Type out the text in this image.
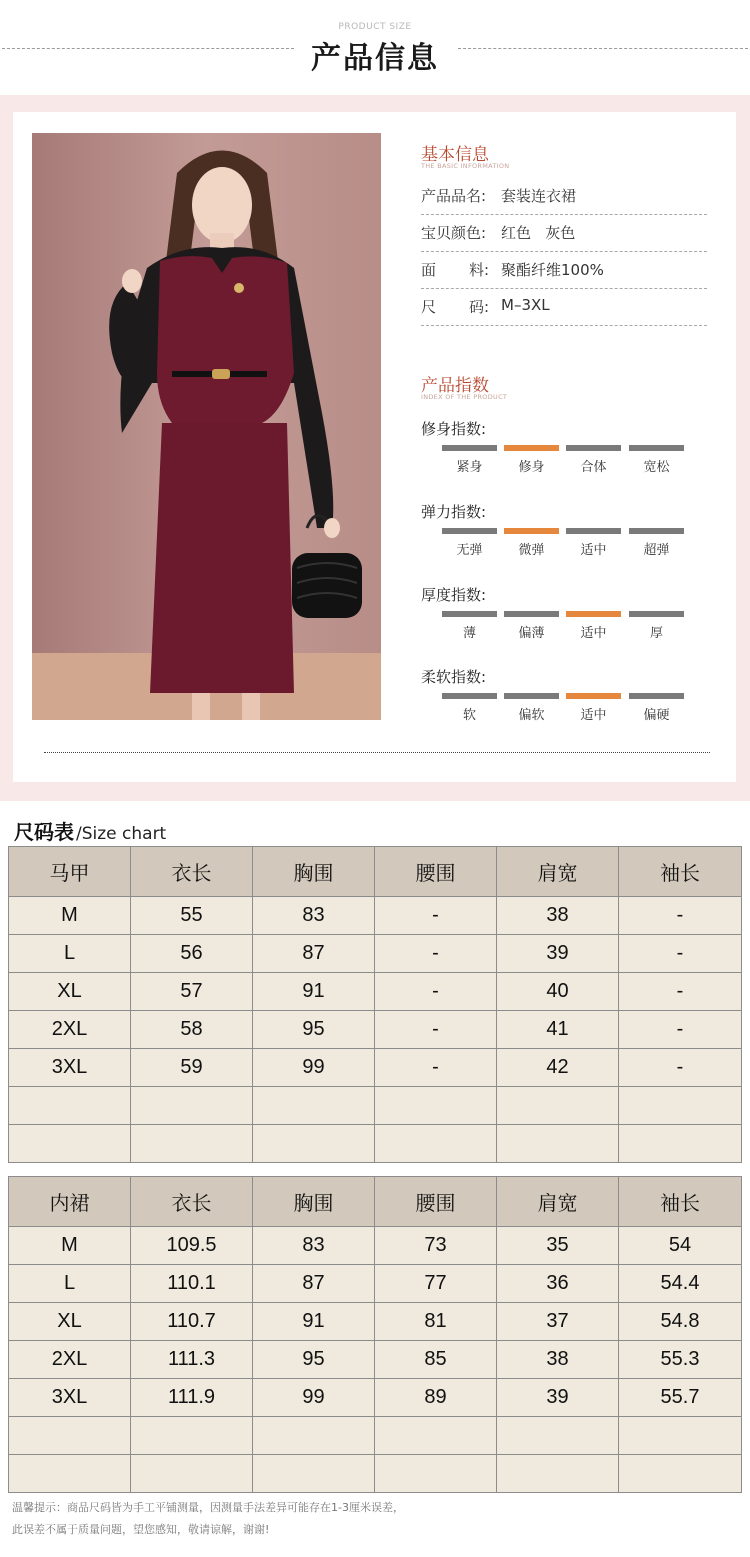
PRODUCT SIZE
产品信息
基本信息
THE BASIC INFORMATION
产品品名: 套装连衣裙
宝贝颜色: 红色   灰色
面 料: 聚酯纤维100%
尺 码: M–3XL
产品指数
INDEX OF THE PRODUCT
修身指数:
紧身	修身	合体	宽松
弹力指数:
无弹	微弹	适中	超弹
厚度指数:
薄	偏薄	适中	厚
柔软指数:
软	偏软	适中	偏硬
尺码表 /Size chart
马甲	衣长	胸围	腰围	肩宽	袖长
M	55	83	-	38	-
L	56	87	-	39	-
XL	57	91	-	40	-
2XL	58	95	-	41	-
3XL	59	99	-	42	-

内裙	衣长	胸围	腰围	肩宽	袖长
M	109.5	83	73	35	54
L	110.1	87	77	36	54.4
XL	110.7	91	81	37	54.8
2XL	111.3	95	85	38	55.3
3XL	111.9	99	89	39	55.7

温馨提示：商品尺码皆为手工平铺测量，因测量手法差异可能存在1-3厘米误差，
此误差不属于质量问题，望您感知，敬请谅解，谢谢!
